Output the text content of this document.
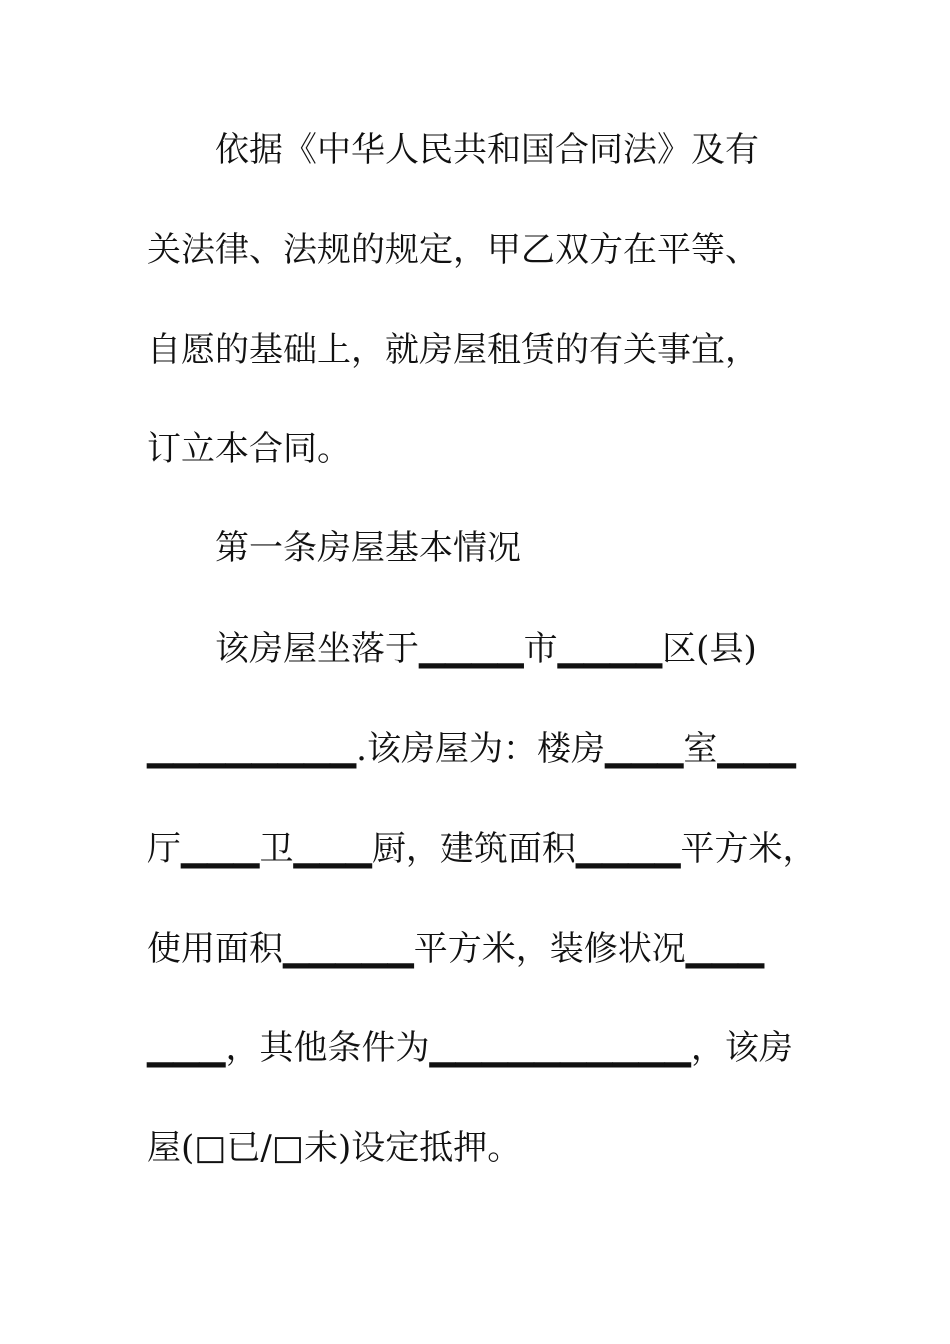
依据《中华人民共和国合同法》及有
关法律、法规的规定，甲乙双方在平等、
自愿的基础上，就房屋租赁的有关事宜，
订立本合同。
第一条房屋基本情况
该房屋坐落于▁▁▁▁市▁▁▁▁区(县)
▁▁▁▁▁▁▁▁.该房屋为：楼房▁▁▁室▁▁▁
厅▁▁▁卫▁▁▁厨，建筑面积▁▁▁▁平方米，
使用面积▁▁▁▁▁平方米，装修状况▁▁▁
▁▁▁，其他条件为▁▁▁▁▁▁▁▁▁▁，该房
屋(□已/□未)设定抵押。
